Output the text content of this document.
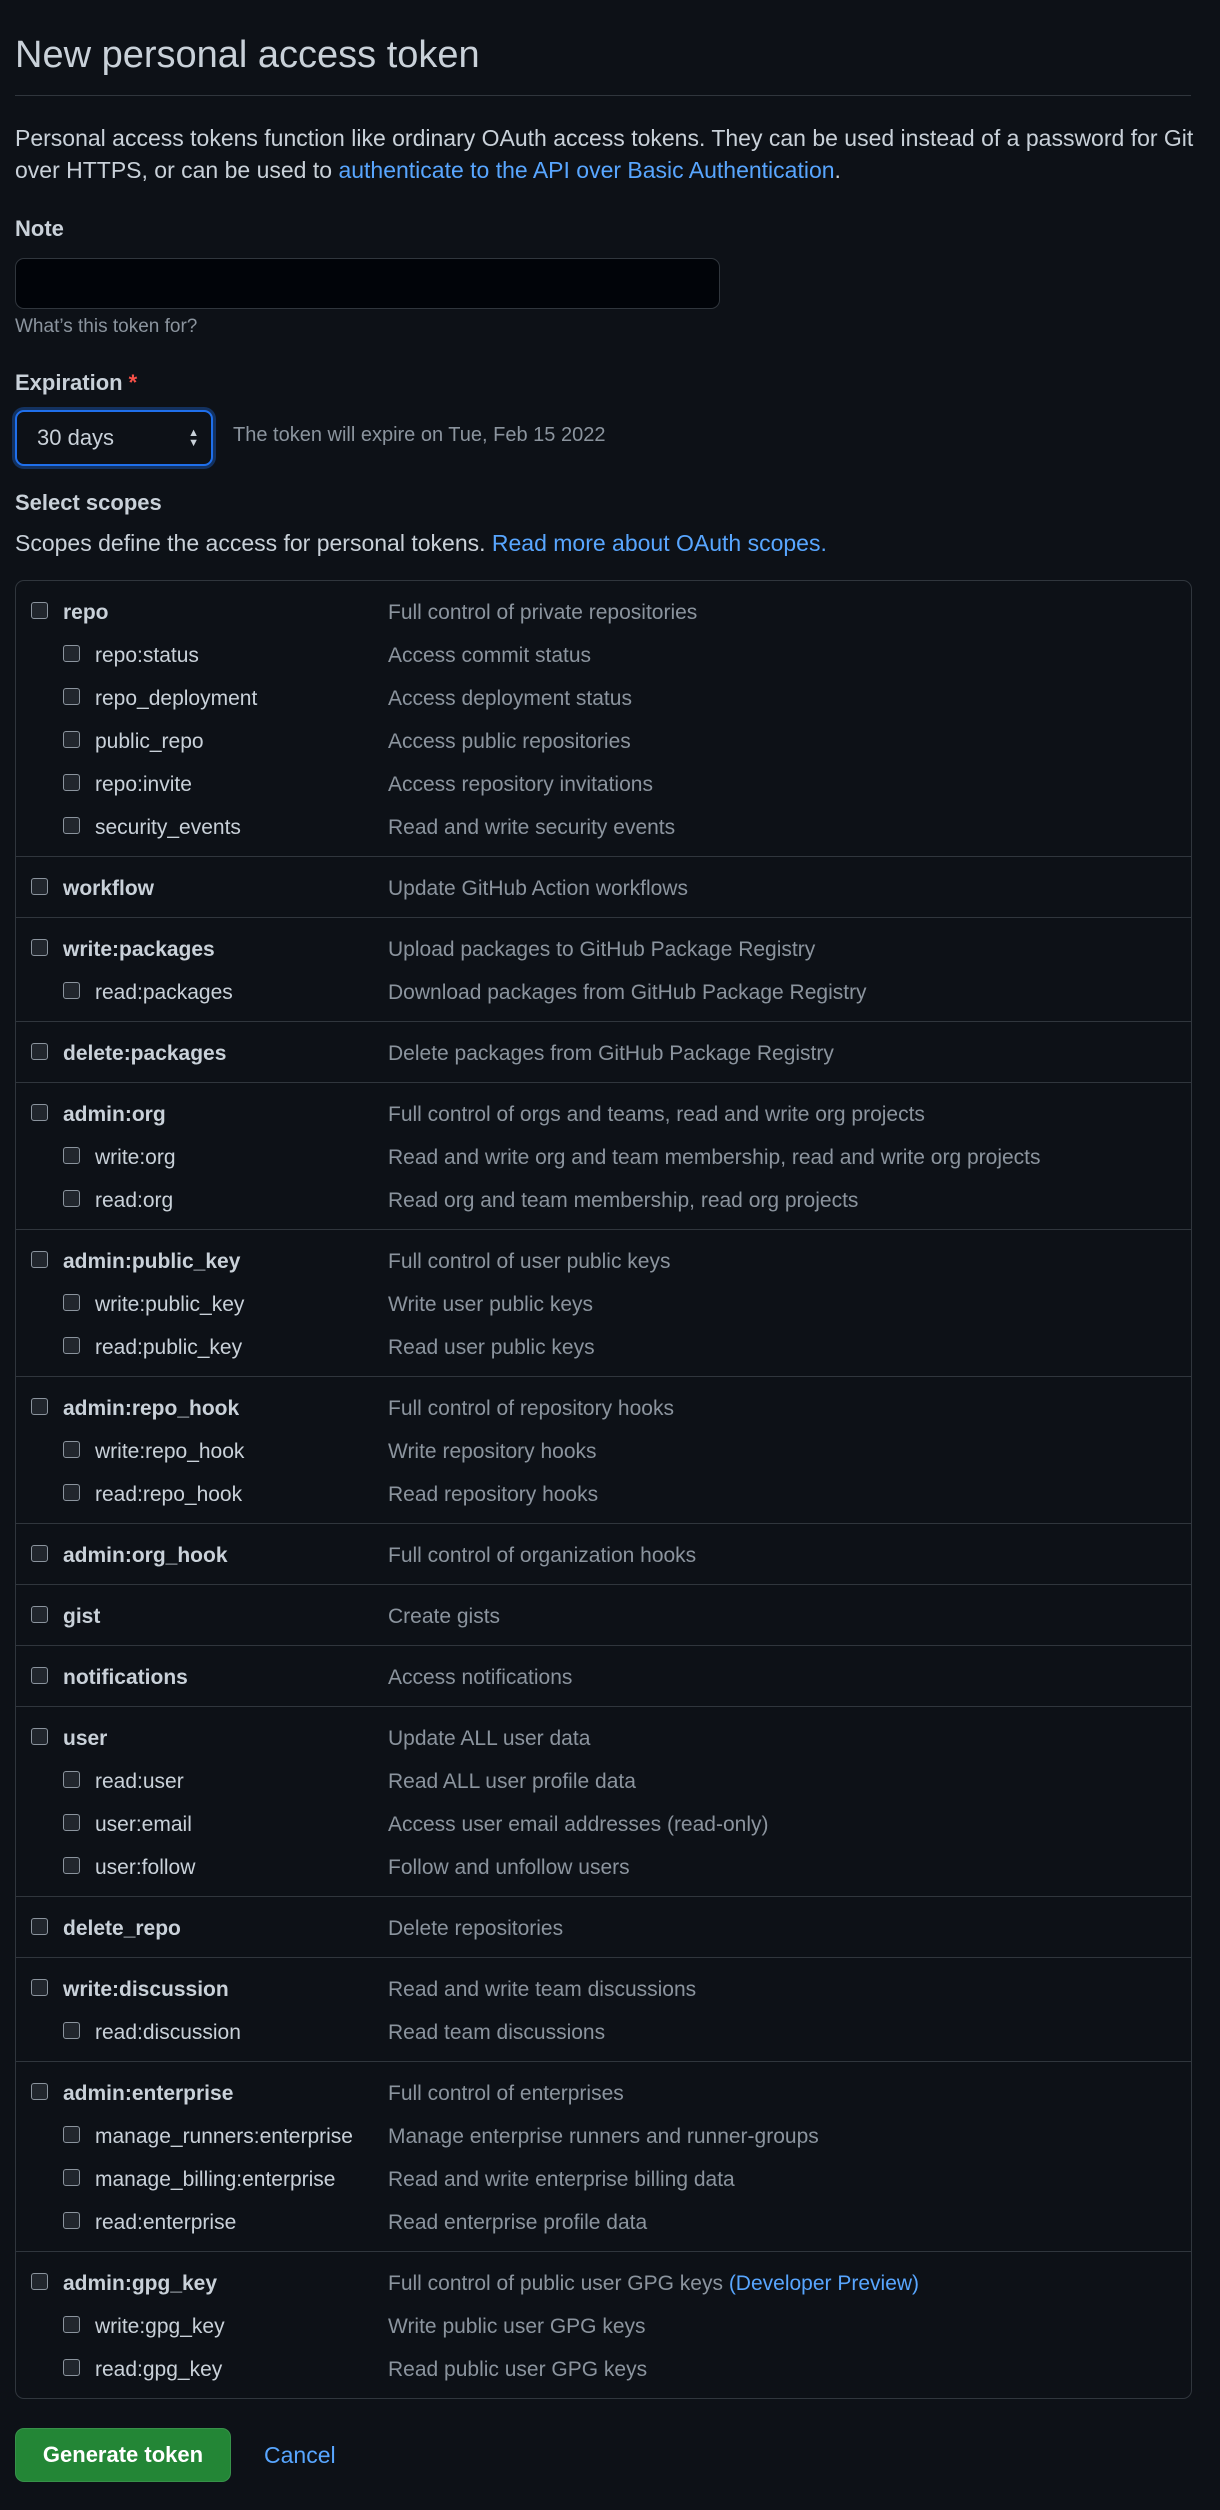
New personal access token

Personal access tokens function like ordinary OAuth access tokens. They can be used instead of a password for Git over HTTPS, or can be used to authenticate to the API over Basic Authentication.

Note
What’s this token for?
Expiration *
30 days	▲
▼ The token will expire on Tue, Feb 15 2022
Select scopes
Scopes define the access for personal tokens. Read more about OAuth scopes.
repo	Full control of private repositories
repo:status	Access commit status
repo_deployment	Access deployment status
public_repo	Access public repositories
repo:invite	Access repository invitations
security_events	Read and write security events
workflow	Update GitHub Action workflows
write:packages	Upload packages to GitHub Package Registry
read:packages	Download packages from GitHub Package Registry
delete:packages	Delete packages from GitHub Package Registry
admin:org	Full control of orgs and teams, read and write org projects
write:org	Read and write org and team membership, read and write org projects
read:org	Read org and team membership, read org projects
admin:public_key	Full control of user public keys
write:public_key	Write user public keys
read:public_key	Read user public keys
admin:repo_hook	Full control of repository hooks
write:repo_hook	Write repository hooks
read:repo_hook	Read repository hooks
admin:org_hook	Full control of organization hooks
gist	Create gists
notifications	Access notifications
user	Update ALL user data
read:user	Read ALL user profile data
user:email	Access user email addresses (read-only)
user:follow	Follow and unfollow users
delete_repo	Delete repositories
write:discussion	Read and write team discussions
read:discussion	Read team discussions
admin:enterprise	Full control of enterprises
manage_runners:enterprise Manage enterprise runners and runner-groups
manage_billing:enterprise	Read and write enterprise billing data
read:enterprise	Read enterprise profile data
admin:gpg_key	Full control of public user GPG keys (Developer Preview)
write:gpg_key	Write public user GPG keys
read:gpg_key	Read public user GPG keys
Generate token	Cancel
